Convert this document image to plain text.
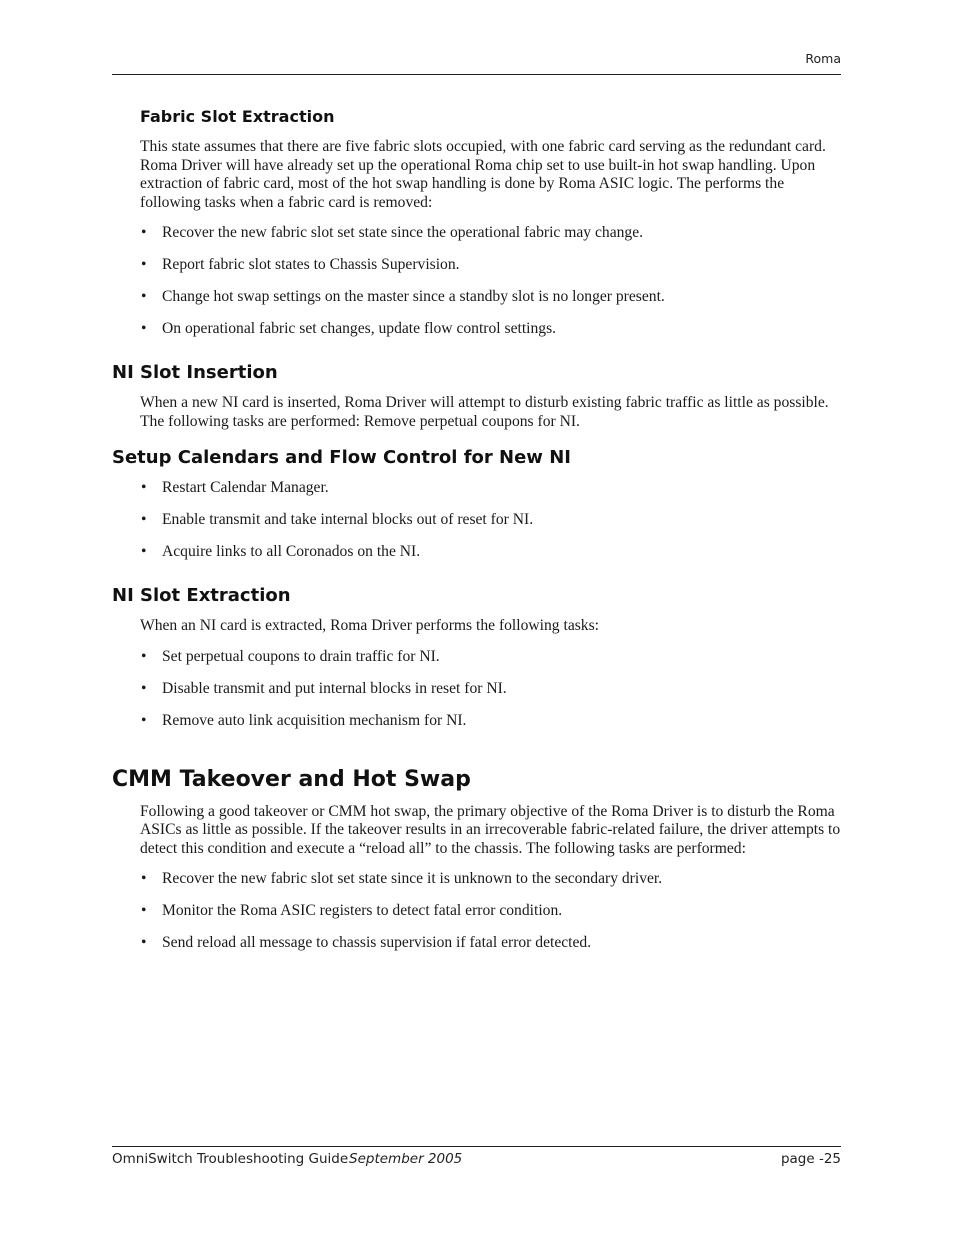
Roma
Fabric Slot Extraction

This state assumes that there are five fabric slots occupied, with one fabric card serving as the redundant card. Roma Driver will have already set up the operational Roma chip set to use built-in hot swap handling. Upon extraction of fabric card, most of the hot swap handling is done by Roma ASIC logic. The performs the following tasks when a fabric card is removed:

• Recover the new fabric slot set state since the operational fabric may change.
• Report fabric slot states to Chassis Supervision.
• Change hot swap settings on the master since a standby slot is no longer present.
• On operational fabric set changes, update flow control settings.
NI Slot Insertion

When a new NI card is inserted, Roma Driver will attempt to disturb existing fabric traffic as little as possible. The following tasks are performed: Remove perpetual coupons for NI.

Setup Calendars and Flow Control for New NI
• Restart Calendar Manager.
• Enable transmit and take internal blocks out of reset for NI.
• Acquire links to all Coronados on the NI.
NI Slot Extraction

When an NI card is extracted, Roma Driver performs the following tasks:

• Set perpetual coupons to drain traffic for NI.
• Disable transmit and put internal blocks in reset for NI.
• Remove auto link acquisition mechanism for NI.
CMM Takeover and Hot Swap

Following a good takeover or CMM hot swap, the primary objective of the Roma Driver is to disturb the Roma ASICs as little as possible. If the takeover results in an irrecoverable fabric-related failure, the driver attempts to detect this condition and execute a “reload all” to the chassis. The following tasks are performed:

• Recover the new fabric slot set state since it is unknown to the secondary driver.
• Monitor the Roma ASIC registers to detect fatal error condition.
• Send reload all message to chassis supervision if fatal error detected.
OmniSwitch Troubleshooting Guide September 2005	page -25
